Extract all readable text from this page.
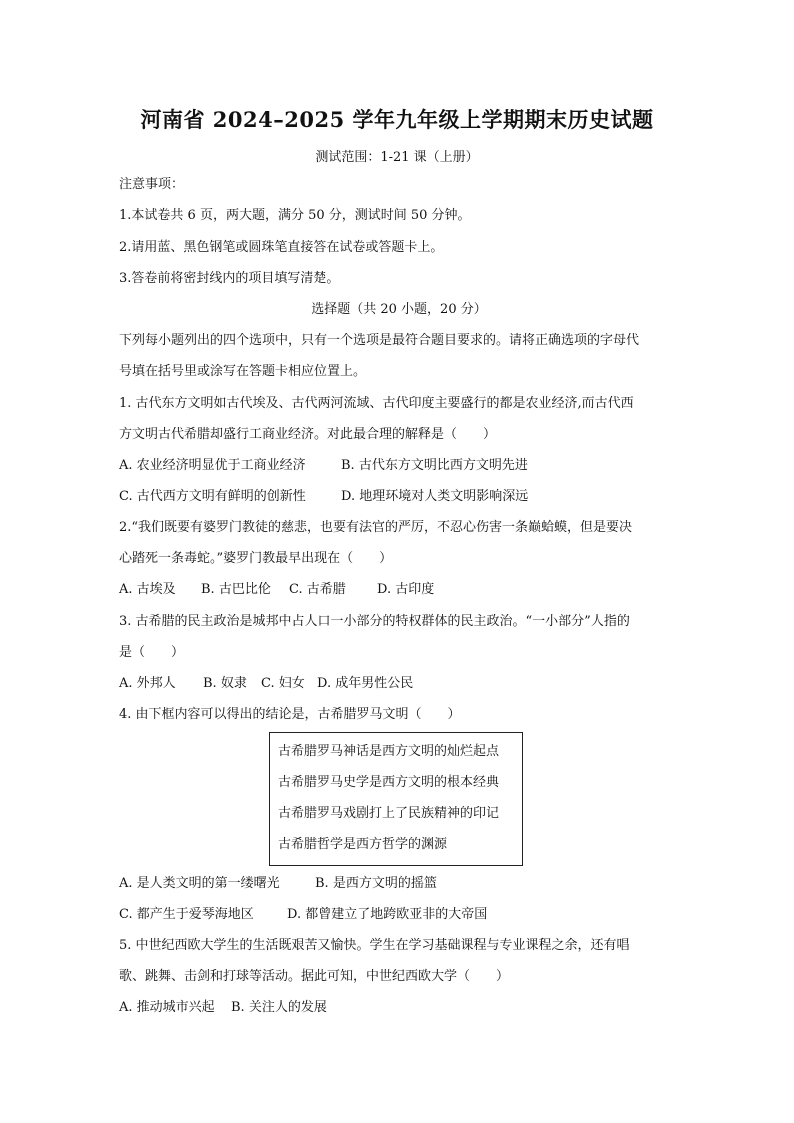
河南省 2024–2025 学年九年级上学期期末历史试题
测试范围：1-21 课（上册）
注意事项：
1.本试卷共 6 页，两大题，满分 50 分，测试时间 50 分钟。
2.请用蓝、黑色钢笔或圆珠笔直接答在试卷或答题卡上。
3.答卷前将密封线内的项目填写清楚。
选择题（共 20 小题，20 分）
下列每小题列出的四个选项中，只有一个选项是最符合题目要求的。请将正确选项的字母代
号填在括号里或涂写在答题卡相应位置上。
1. 古代东方文明如古代埃及、古代两河流域、古代印度主要盛行的都是农业经济,而古代西
方文明古代希腊却盛行工商业经济。对此最合理的解释是（　　）
A. 农业经济明显优于工商业经济	B. 古代东方文明比西方文明先进
C. 古代西方文明有鲜明的创新性	D. 地理环境对人类文明影响深远
2.“我们既要有婆罗门教徒的慈悲，也要有法官的严厉，不忍心伤害一条巅蛤蟆，但是要决
心踏死一条毒蛇。”婆罗门教最早出现在（　　）
A. 古埃及 B. 古巴比伦 C. 古希腊 D. 古印度
3. 古希腊的民主政治是城邦中占人口一小部分的特权群体的民主政治。“一小部分”人指的
是（　　）
A. 外邦人 B. 奴隶 C. 妇女 D. 成年男性公民
4. 由下框内容可以得出的结论是，古希腊罗马文明（　　）
古希腊罗马神话是西方文明的灿烂起点
古希腊罗马史学是西方文明的根本经典
古希腊罗马戏剧打上了民族精神的印记
古希腊哲学是西方哲学的渊源
A. 是人类文明的第一缕曙光	B. 是西方文明的摇篮
C. 都产生于爱琴海地区	D. 都曾建立了地跨欧亚非的大帝国
5. 中世纪西欧大学生的生活既艰苦又愉快。学生在学习基础课程与专业课程之余，还有唱
歌、跳舞、击剑和打球等活动。据此可知，中世纪西欧大学（　　）
A. 推动城市兴起 B. 关注人的发展
